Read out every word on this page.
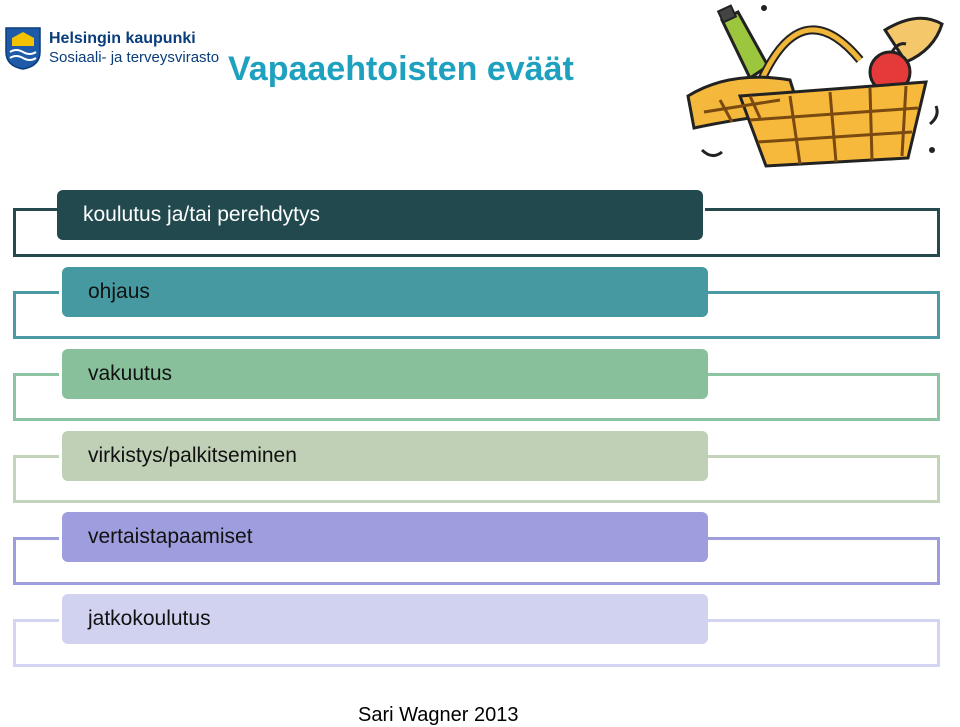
Helsingin kaupunki
Sosiaali- ja terveysvirasto Vapaaehtoisten eväät
koulutus ja/tai perehdytys
ohjaus
vakuutus
virkistys/palkitseminen
vertaistapaamiset
jatkokoulutus
Sari Wagner 2013
